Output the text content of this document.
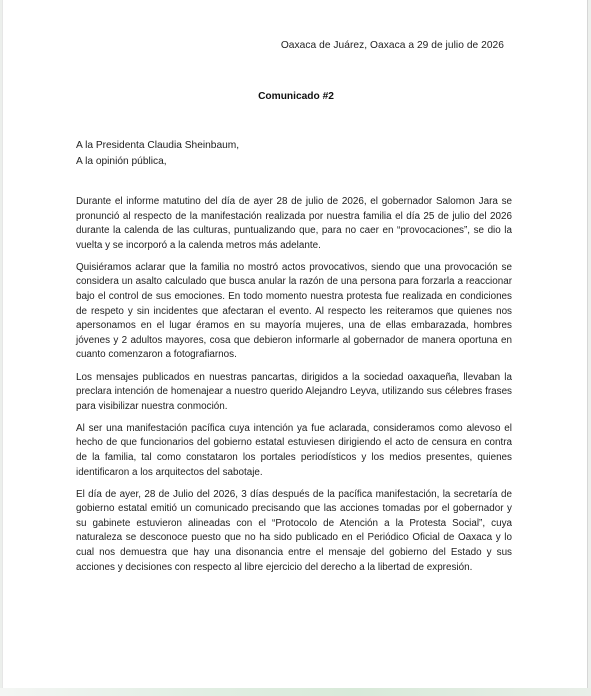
Oaxaca de Juárez, Oaxaca a 29 de julio de 2026
Comunicado #2
A la Presidenta Claudia Sheinbaum,
A la opinión pública,

Durante el informe matutino del día de ayer 28 de julio de 2026, el gobernador Salomon Jara se pronunció al respecto de la manifestación realizada por nuestra familia el día 25 de julio del 2026 durante la calenda de las culturas, puntualizando que, para no caer en “provocaciones”, se dio la vuelta y se incorporó a la calenda metros más adelante.

Quisiéramos aclarar que la familia no mostró actos provocativos, siendo que una provocación se considera un asalto calculado que busca anular la razón de una persona para forzarla a reaccionar bajo el control de sus emociones. En todo momento nuestra protesta fue realizada en condiciones de respeto y sin incidentes que afectaran el evento. Al respecto les reiteramos que quienes nos apersonamos en el lugar éramos en su mayoría mujeres, una de ellas embarazada, hombres jóvenes y 2 adultos mayores, cosa que debieron informarle al gobernador de manera oportuna en cuanto comenzaron a fotografiarnos.

Los mensajes publicados en nuestras pancartas, dirigidos a la sociedad oaxaqueña, llevaban la preclara intención de homenajear a nuestro querido Alejandro Leyva, utilizando sus célebres frases para visibilizar nuestra conmoción.

Al ser una manifestación pacífica cuya intención ya fue aclarada, consideramos como alevoso el hecho de que funcionarios del gobierno estatal estuviesen dirigiendo el acto de censura en contra de la familia, tal como constataron los portales periodísticos y los medios presentes, quienes identificaron a los arquitectos del sabotaje.

El día de ayer, 28 de Julio del 2026, 3 días después de la pacífica manifestación, la secretaría de gobierno estatal emitió un comunicado precisando que las acciones tomadas por el gobernador y su gabinete estuvieron alineadas con el “Protocolo de Atención a la Protesta Social”, cuya naturaleza se desconoce puesto que no ha sido publicado en el Periódico Oficial de Oaxaca y lo cual nos demuestra que hay una disonancia entre el mensaje del gobierno del Estado y sus acciones y decisiones con respecto al libre ejercicio del derecho a la libertad de expresión.
